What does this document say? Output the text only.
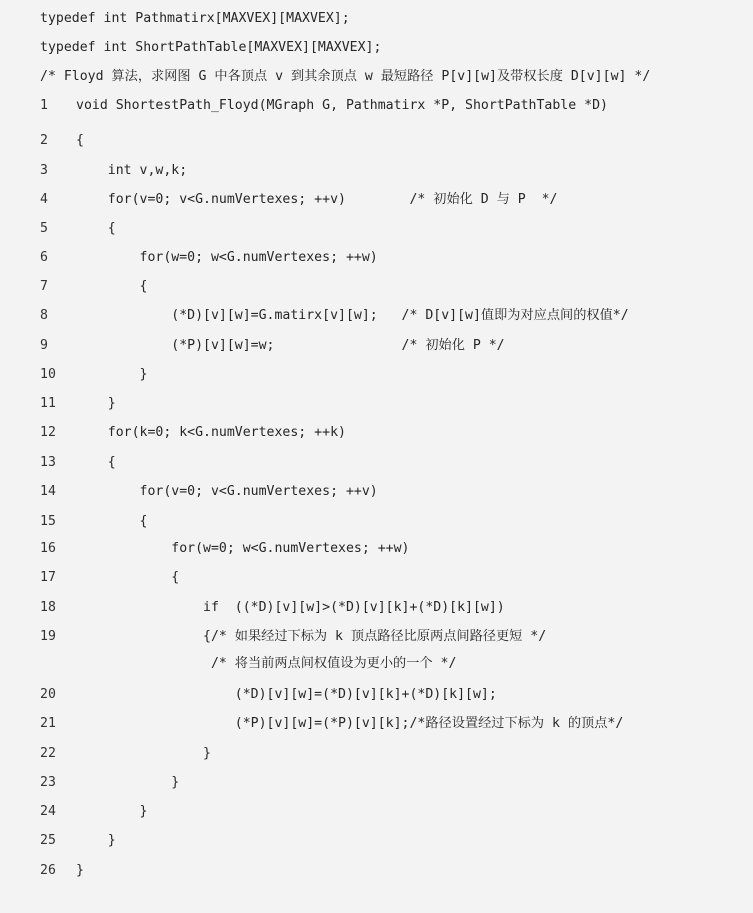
typedef int Pathmatirx[MAXVEX][MAXVEX];
typedef int ShortPathTable[MAXVEX][MAXVEX];
/* Floyd 算法，求网图 G 中各顶点 v 到其余顶点 w 最短路径 P[v][w]及带权长度 D[v][w] */
1	void ShortestPath_Floyd(MGraph G, Pathmatirx *P, ShortPathTable *D)
2	{
3	int v,w,k;
4	for(v=0; v<G.numVertexes; ++v)        /* 初始化 D 与 P  */
5	{
6	for(w=0; w<G.numVertexes; ++w)
7	{
8	(*D)[v][w]=G.matirx[v][w];   /* D[v][w]值即为对应点间的权值*/
9	(*P)[v][w]=w;                /* 初始化 P */
10	}
11	}
12	for(k=0; k<G.numVertexes; ++k)
13	{
14	for(v=0; v<G.numVertexes; ++v)
15	{
16	for(w=0; w<G.numVertexes; ++w)
17	{
18	if  ((*D)[v][w]>(*D)[v][k]+(*D)[k][w])
19	{/* 如果经过下标为 k 顶点路径比原两点间路径更短 */
/* 将当前两点间权值设为更小的一个 */
20	(*D)[v][w]=(*D)[v][k]+(*D)[k][w];
21	(*P)[v][w]=(*P)[v][k];/*路径设置经过下标为 k 的顶点*/
22	}
23	}
24	}
25	}
26	}
